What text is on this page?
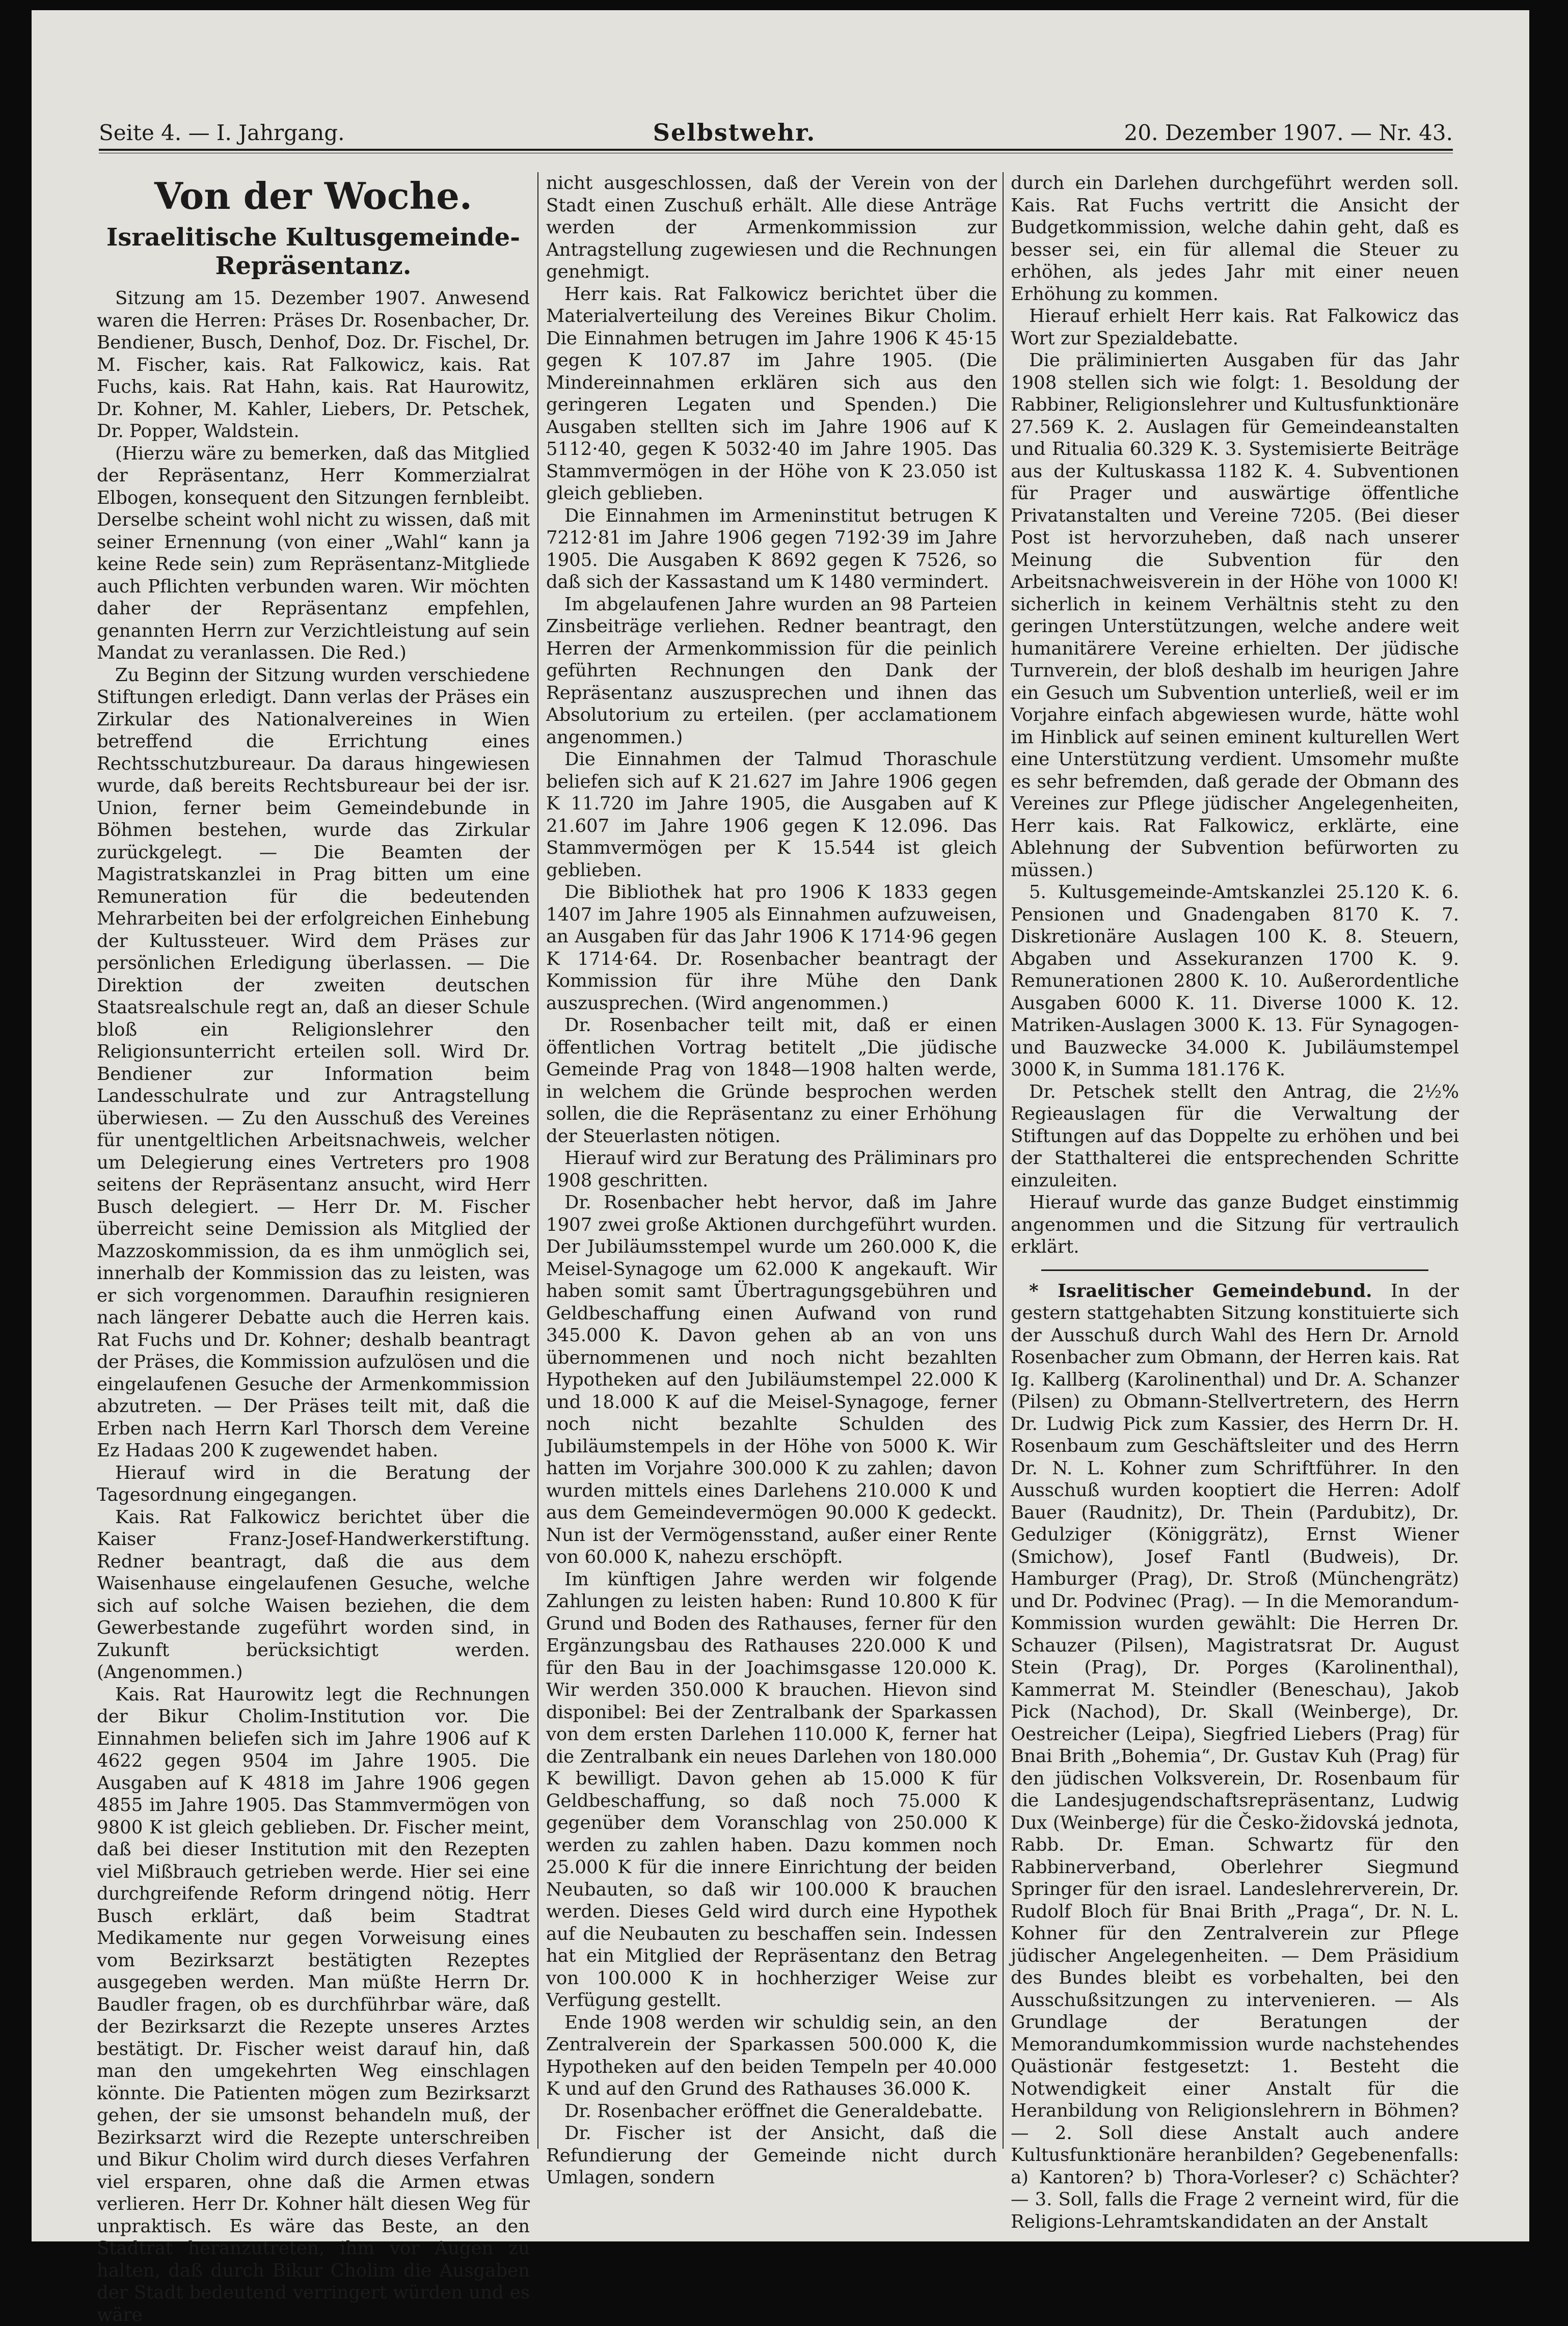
Seite 4. — I. Jahrgang.	Selbstwehr.	20. Dezember 1907. — Nr. 43.

Von der Woche.

Israelitische Kultusgemeinde-Repräsentanz.

Sitzung am 15. Dezember 1907. Anwesend waren die Herren: Präses Dr. Rosenbacher, Dr. Bendiener, Busch, Denhof, Doz. Dr. Fischel, Dr. M. Fischer, kais. Rat Falkowicz, kais. Rat Fuchs, kais. Rat Hahn, kais. Rat Haurowitz, Dr. Kohner, M. Kahler, Liebers, Dr. Petschek, Dr. Popper, Waldstein.

(Hierzu wäre zu bemerken, daß das Mitglied der Repräsentanz, Herr Kommerzialrat Elbogen, konsequent den Sitzungen fernbleibt. Derselbe scheint wohl nicht zu wissen, daß mit seiner Ernennung (von einer „Wahl“ kann ja keine Rede sein) zum Repräsentanz-Mitgliede auch Pflichten verbunden waren. Wir möchten daher der Repräsentanz empfehlen, genannten Herrn zur Verzichtleistung auf sein Mandat zu veranlassen. Die Red.)

Zu Beginn der Sitzung wurden verschiedene Stiftungen erledigt. Dann verlas der Präses ein Zirkular des Nationalvereines in Wien betreffend die Errichtung eines Rechtsschutzbureaur. Da daraus hingewiesen wurde, daß bereits Rechtsbureaur bei der isr. Union, ferner beim Gemeindebunde in Böhmen bestehen, wurde das Zirkular zurückgelegt. — Die Beamten der Magistratskanzlei in Prag bitten um eine Remuneration für die bedeutenden Mehrarbeiten bei der erfolgreichen Einhebung der Kultussteuer. Wird dem Präses zur persönlichen Erledigung überlassen. — Die Direktion der zweiten deutschen Staatsrealschule regt an, daß an dieser Schule bloß ein Religionslehrer den Religionsunterricht erteilen soll. Wird Dr. Bendiener zur Information beim Landesschulrate und zur Antragstellung überwiesen. — Zu den Ausschuß des Vereines für unentgeltlichen Arbeitsnachweis, welcher um Delegierung eines Vertreters pro 1908 seitens der Repräsentanz ansucht, wird Herr Busch delegiert. — Herr Dr. M. Fischer überreicht seine Demission als Mitglied der Mazzoskommission, da es ihm unmöglich sei, innerhalb der Kommission das zu leisten, was er sich vorgenommen. Daraufhin resignieren nach längerer Debatte auch die Herren kais. Rat Fuchs und Dr. Kohner; deshalb beantragt der Präses, die Kommission aufzulösen und die eingelaufenen Gesuche der Armenkommission abzutreten. — Der Präses teilt mit, daß die Erben nach Herrn Karl Thorsch dem Vereine Ez Hadaas 200 K zugewendet haben.

Hierauf wird in die Beratung der Tagesordnung eingegangen.

Kais. Rat Falkowicz berichtet über die Kaiser Franz-Josef-Handwerkerstiftung. Redner beantragt, daß die aus dem Waisenhause eingelaufenen Gesuche, welche sich auf solche Waisen beziehen, die dem Gewerbestande zugeführt worden sind, in Zukunft berücksichtigt werden. (Angenommen.)

Kais. Rat Haurowitz legt die Rechnungen der Bikur Cholim-Institution vor. Die Einnahmen beliefen sich im Jahre 1906 auf K 4622 gegen 9504 im Jahre 1905. Die Ausgaben auf K 4818 im Jahre 1906 gegen 4855 im Jahre 1905. Das Stammvermögen von 9800 K ist gleich geblieben. Dr. Fischer meint, daß bei dieser Institution mit den Rezepten viel Mißbrauch getrieben werde. Hier sei eine durchgreifende Reform dringend nötig. Herr Busch erklärt, daß beim Stadtrat Medikamente nur gegen Vorweisung eines vom Bezirksarzt bestätigten Rezeptes ausgegeben werden. Man müßte Herrn Dr. Baudler fragen, ob es durchführbar wäre, daß der Bezirksarzt die Rezepte unseres Arztes bestätigt. Dr. Fischer weist darauf hin, daß man den umgekehrten Weg einschlagen könnte. Die Patienten mögen zum Bezirksarzt gehen, der sie umsonst behandeln muß, der Bezirksarzt wird die Rezepte unterschreiben und Bikur Cholim wird durch dieses Verfahren viel ersparen, ohne daß die Armen etwas verlieren. Herr Dr. Kohner hält diesen Weg für unpraktisch. Es wäre das Beste, an den Stadtrat heranzutreten, ihm vor Augen zu halten, daß durch Bikur Cholim die Ausgaben der Stadt bedeutend verringert würden und es wäre

nicht ausgeschlossen, daß der Verein von der Stadt einen Zuschuß erhält. Alle diese Anträge werden der Armenkommission zur Antragstellung zugewiesen und die Rechnungen genehmigt.

Herr kais. Rat Falkowicz berichtet über die Materialverteilung des Vereines Bikur Cholim. Die Einnahmen betrugen im Jahre 1906 K 45·15 gegen K 107.87 im Jahre 1905. (Die Mindereinnahmen erklären sich aus den geringeren Legaten und Spenden.) Die Ausgaben stellten sich im Jahre 1906 auf K 5112·40, gegen K 5032·40 im Jahre 1905. Das Stammvermögen in der Höhe von K 23.050 ist gleich geblieben.

Die Einnahmen im Armeninstitut betrugen K 7212·81 im Jahre 1906 gegen 7192·39 im Jahre 1905. Die Ausgaben K 8692 gegen K 7526, so daß sich der Kassastand um K 1480 vermindert.

Im abgelaufenen Jahre wurden an 98 Parteien Zinsbeiträge verliehen. Redner beantragt, den Herren der Armenkommission für die peinlich geführten Rechnungen den Dank der Repräsentanz auszusprechen und ihnen das Absolutorium zu erteilen. (per acclamationem angenommen.)

Die Einnahmen der Talmud Thoraschule beliefen sich auf K 21.627 im Jahre 1906 gegen K 11.720 im Jahre 1905, die Ausgaben auf K 21.607 im Jahre 1906 gegen K 12.096. Das Stammvermögen per K 15.544 ist gleich geblieben.

Die Bibliothek hat pro 1906 K 1833 gegen 1407 im Jahre 1905 als Einnahmen aufzuweisen, an Ausgaben für das Jahr 1906 K 1714·96 gegen K 1714·64. Dr. Rosenbacher beantragt der Kommission für ihre Mühe den Dank auszusprechen. (Wird angenommen.)

Dr. Rosenbacher teilt mit, daß er einen öffentlichen Vortrag betitelt „Die jüdische Gemeinde Prag von 1848—1908 halten werde, in welchem die Gründe besprochen werden sollen, die die Repräsentanz zu einer Erhöhung der Steuerlasten nötigen.

Hierauf wird zur Beratung des Präliminars pro 1908 geschritten.

Dr. Rosenbacher hebt hervor, daß im Jahre 1907 zwei große Aktionen durchgeführt wurden. Der Jubiläumsstempel wurde um 260.000 K, die Meisel-Synagoge um 62.000 K angekauft. Wir haben somit samt Übertragungsgebühren und Geldbeschaffung einen Aufwand von rund 345.000 K. Davon gehen ab an von uns übernommenen und noch nicht bezahlten Hypotheken auf den Jubiläumstempel 22.000 K und 18.000 K auf die Meisel-Synagoge, ferner noch nicht bezahlte Schulden des Jubiläumstempels in der Höhe von 5000 K. Wir hatten im Vorjahre 300.000 K zu zahlen; davon wurden mittels eines Darlehens 210.000 K und aus dem Gemeindevermögen 90.000 K gedeckt. Nun ist der Vermögensstand, außer einer Rente von 60.000 K, nahezu erschöpft.

Im künftigen Jahre werden wir folgende Zahlungen zu leisten haben: Rund 10.800 K für Grund und Boden des Rathauses, ferner für den Ergänzungsbau des Rathauses 220.000 K und für den Bau in der Joachimsgasse 120.000 K. Wir werden 350.000 K brauchen. Hievon sind disponibel: Bei der Zentralbank der Sparkassen von dem ersten Darlehen 110.000 K, ferner hat die Zentralbank ein neues Darlehen von 180.000 K bewilligt. Davon gehen ab 15.000 K für Geldbeschaffung, so daß noch 75.000 K gegenüber dem Voranschlag von 250.000 K werden zu zahlen haben. Dazu kommen noch 25.000 K für die innere Einrichtung der beiden Neubauten, so daß wir 100.000 K brauchen werden. Dieses Geld wird durch eine Hypothek auf die Neubauten zu beschaffen sein. Indessen hat ein Mitglied der Repräsentanz den Betrag von 100.000 K in hochherziger Weise zur Verfügung gestellt.

Ende 1908 werden wir schuldig sein, an den Zentralverein der Sparkassen 500.000 K, die Hypotheken auf den beiden Tempeln per 40.000 K und auf den Grund des Rathauses 36.000 K.

Dr. Rosenbacher eröffnet die Generaldebatte.

Dr. Fischer ist der Ansicht, daß die Refundierung der Gemeinde nicht durch Umlagen, sondern

durch ein Darlehen durchgeführt werden soll. Kais. Rat Fuchs vertritt die Ansicht der Budgetkommission, welche dahin geht, daß es besser sei, ein für allemal die Steuer zu erhöhen, als jedes Jahr mit einer neuen Erhöhung zu kommen.

Hierauf erhielt Herr kais. Rat Falkowicz das Wort zur Spezialdebatte.

Die präliminierten Ausgaben für das Jahr 1908 stellen sich wie folgt: 1. Besoldung der Rabbiner, Religionslehrer und Kultusfunktionäre 27.569 K. 2. Auslagen für Gemeindeanstalten und Ritualia 60.329 K. 3. Systemisierte Beiträge aus der Kultuskassa 1182 K. 4. Subventionen für Prager und auswärtige öffentliche Privatanstalten und Vereine 7205. (Bei dieser Post ist hervorzuheben, daß nach unserer Meinung die Subvention für den Arbeitsnachweisverein in der Höhe von 1000 K! sicherlich in keinem Verhältnis steht zu den geringen Unterstützungen, welche andere weit humanitärere Vereine erhielten. Der jüdische Turnverein, der bloß deshalb im heurigen Jahre ein Gesuch um Subvention unterließ, weil er im Vorjahre einfach abgewiesen wurde, hätte wohl im Hinblick auf seinen eminent kulturellen Wert eine Unterstützung verdient. Umsomehr mußte es sehr befremden, daß gerade der Obmann des Vereines zur Pflege jüdischer Angelegenheiten, Herr kais. Rat Falkowicz, erklärte, eine Ablehnung der Subvention befürworten zu müssen.)

5. Kultusgemeinde-Amtskanzlei 25.120 K. 6. Pensionen und Gnadengaben 8170 K. 7. Diskretionäre Auslagen 100 K. 8. Steuern, Abgaben und Assekuranzen 1700 K. 9. Remunerationen 2800 K. 10. Außerordentliche Ausgaben 6000 K. 11. Diverse 1000 K. 12. Matriken-Auslagen 3000 K. 13. Für Synagogen- und Bauzwecke 34.000 K. Jubiläumstempel 3000 K, in Summa 181.176 K.

Dr. Petschek stellt den Antrag, die 2½% Regieauslagen für die Verwaltung der Stiftungen auf das Doppelte zu erhöhen und bei der Statthalterei die entsprechenden Schritte einzuleiten.

Hierauf wurde das ganze Budget einstimmig angenommen und die Sitzung für vertraulich erklärt.

* Israelitischer Gemeindebund. In der gestern stattgehabten Sitzung konstituierte sich der Ausschuß durch Wahl des Hern Dr. Arnold Rosenbacher zum Obmann, der Herren kais. Rat Ig. Kallberg (Karolinenthal) und Dr. A. Schanzer (Pilsen) zu Obmann-Stellvertretern, des Herrn Dr. Ludwig Pick zum Kassier, des Herrn Dr. H. Rosenbaum zum Geschäftsleiter und des Herrn Dr. N. L. Kohner zum Schriftführer. In den Ausschuß wurden kooptiert die Herren: Adolf Bauer (Raudnitz), Dr. Thein (Pardubitz), Dr. Gedulziger (Königgrätz), Ernst Wiener (Smichow), Josef Fantl (Budweis), Dr. Hamburger (Prag), Dr. Stroß (Münchengrätz) und Dr. Podvinec (Prag). — In die Memorandum-Kommission wurden gewählt: Die Herren Dr. Schauzer (Pilsen), Magistratsrat Dr. August Stein (Prag), Dr. Porges (Karolinenthal), Kammerrat M. Steindler (Beneschau), Jakob Pick (Nachod), Dr. Skall (Weinberge), Dr. Oestreicher (Leipa), Siegfried Liebers (Prag) für Bnai Brith „Bohemia“, Dr. Gustav Kuh (Prag) für den jüdischen Volksverein, Dr. Rosenbaum für die Landesjugendschaftsrepräsentanz, Ludwig Dux (Weinberge) für die Česko-židovská jednota, Rabb. Dr. Eman. Schwartz für den Rabbinerverband, Oberlehrer Siegmund Springer für den israel. Landeslehrerverein, Dr. Rudolf Bloch für Bnai Brith „Praga“, Dr. N. L. Kohner für den Zentralverein zur Pflege jüdischer Angelegenheiten. — Dem Präsidium des Bundes bleibt es vorbehalten, bei den Ausschußsitzungen zu intervenieren. — Als Grundlage der Beratungen der Memorandumkommission wurde nachstehendes Quästionär festgesetzt: 1. Besteht die Notwendigkeit einer Anstalt für die Heranbildung von Religionslehrern in Böhmen? — 2. Soll diese Anstalt auch andere Kultusfunktionäre heranbilden? Gegebenenfalls: a) Kantoren? b) Thora-Vorleser? c) Schächter? — 3. Soll, falls die Frage 2 verneint wird, für die Religions-Lehramtskandidaten an der Anstalt
